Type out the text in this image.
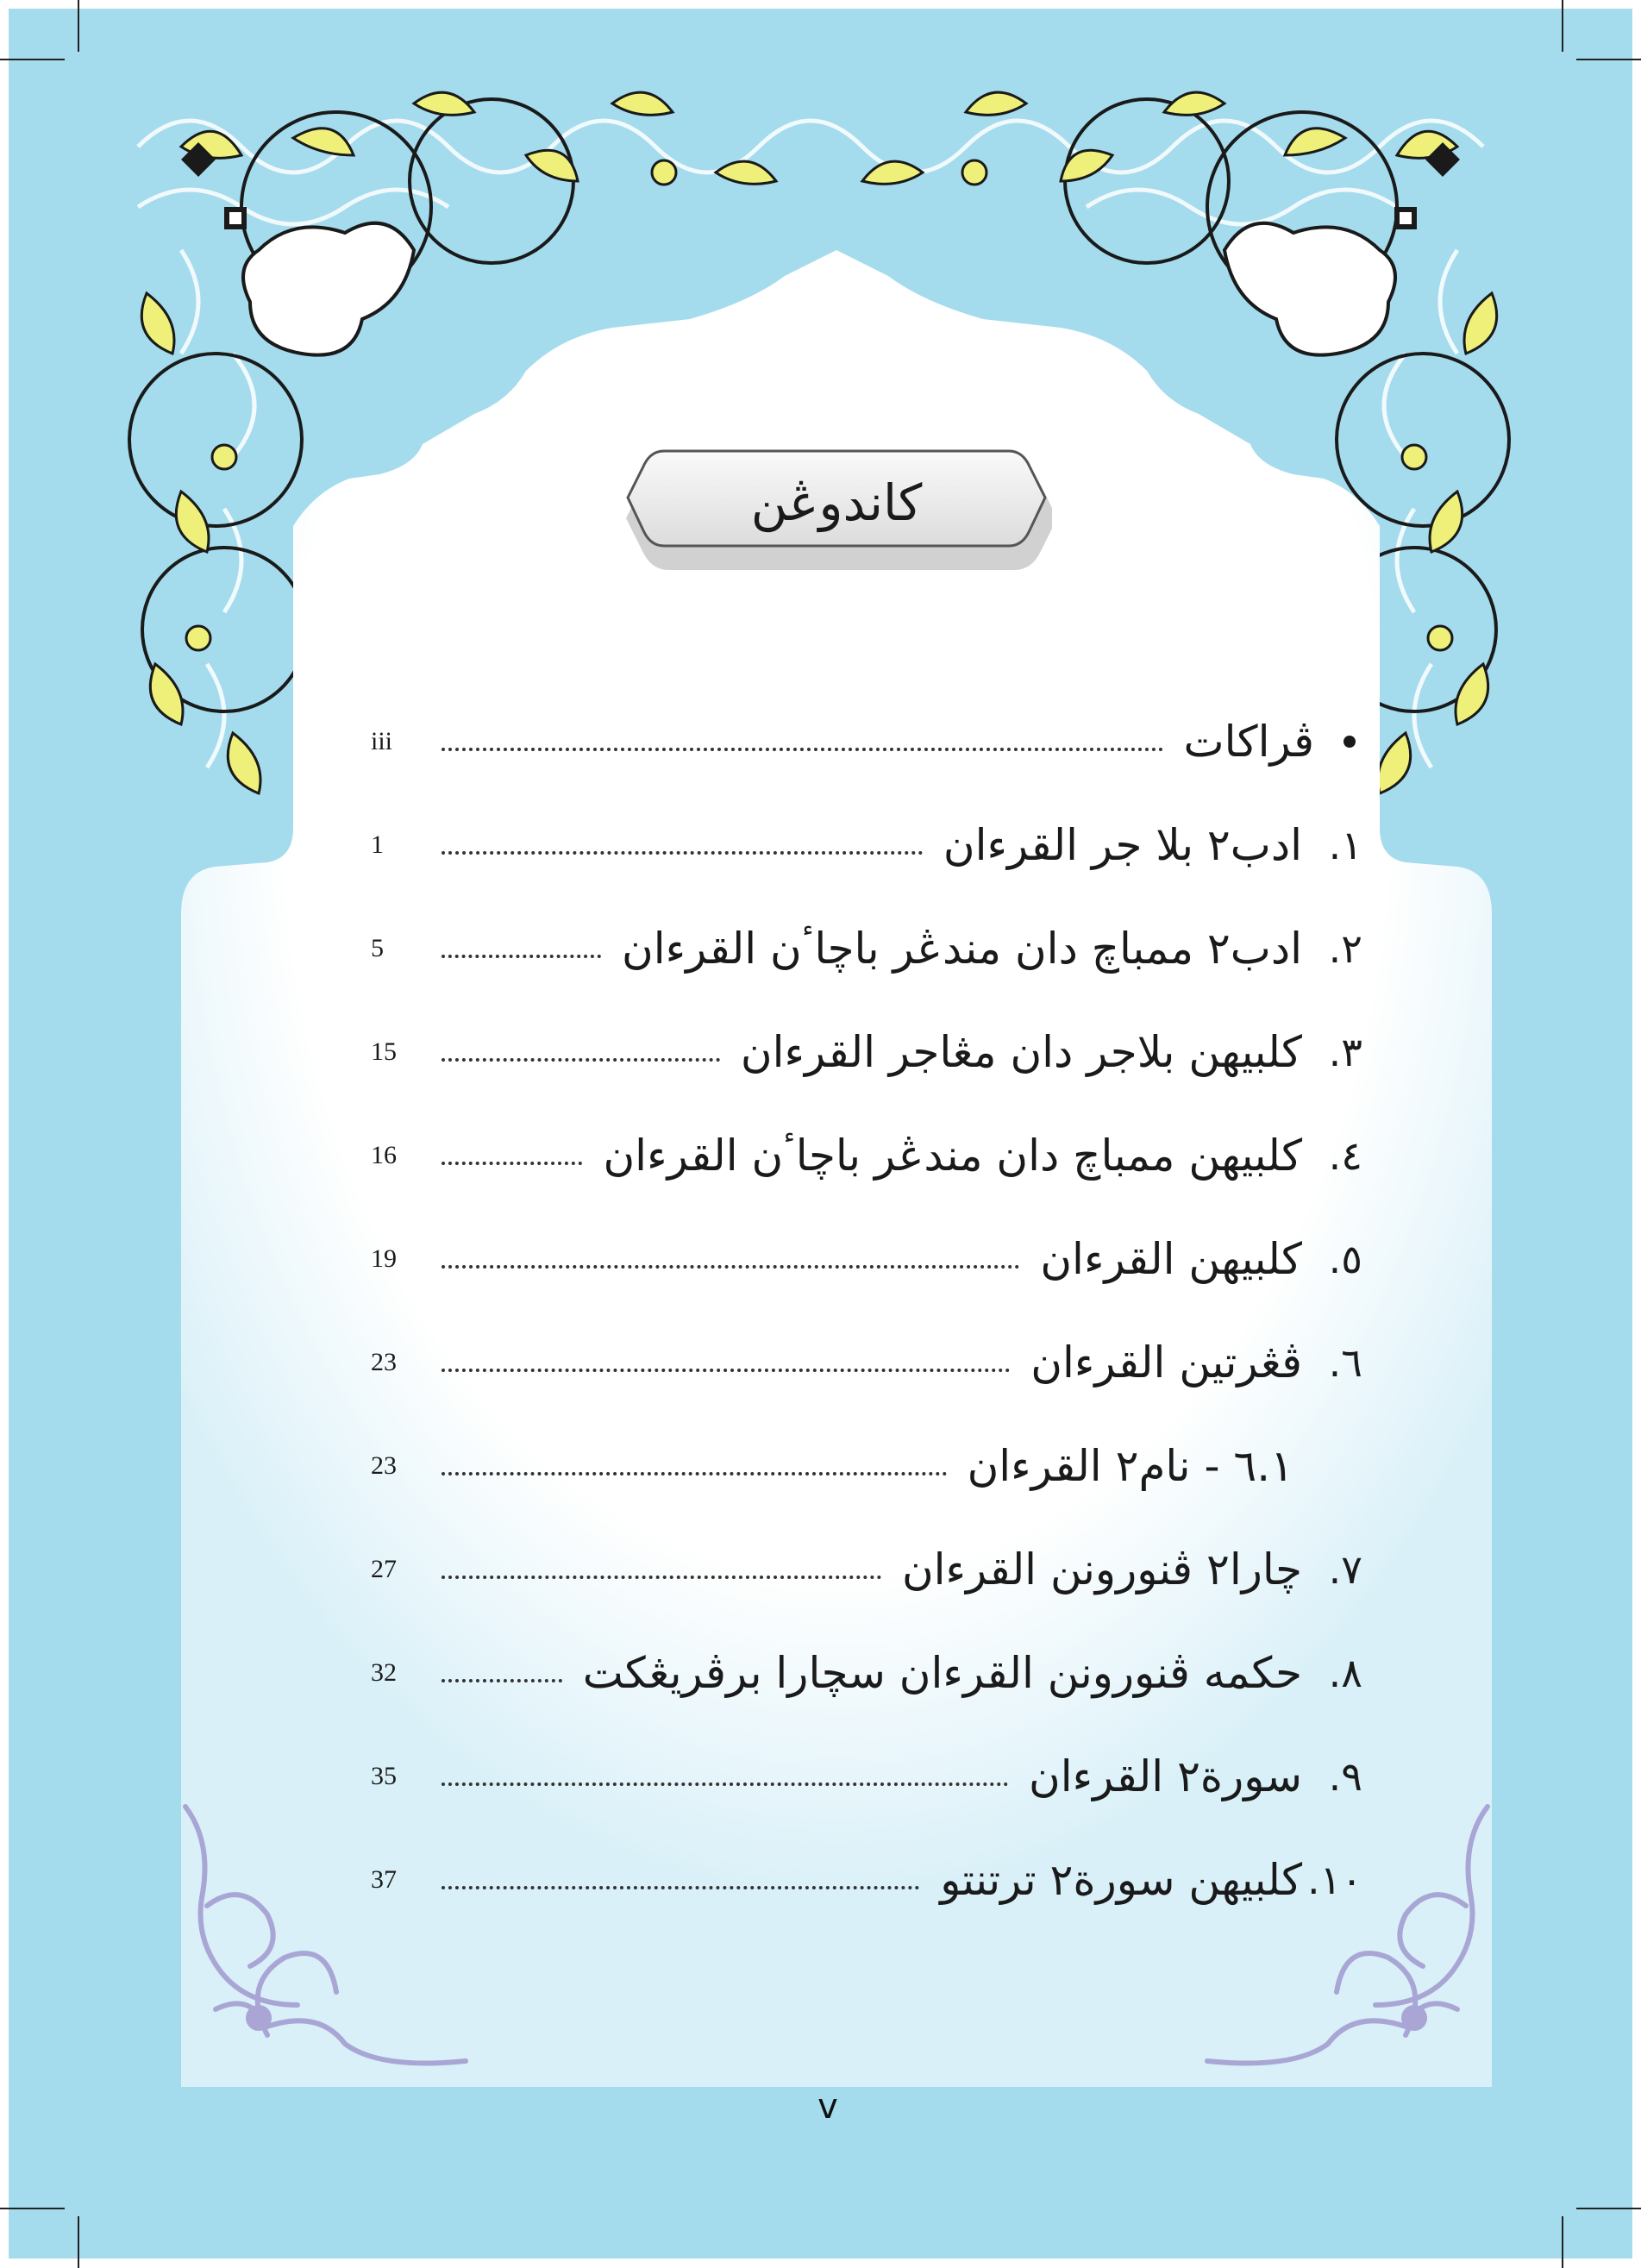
كاندوڠن
ڤراكات
iii
١.
ادب٢ بلا جر القرءان
1
٢.
ادب٢ ممباچ دان مندڠر باچاٴن القرءان
5
٣.
كلبيهن بلاجر دان مڠاجر القرءان
15
٤.
كلبيهن ممباچ دان مندڠر باچاٴن القرءان
16
٥.
كلبيهن القرءان
19
٦.
ڤڠرتين القرءان
23
٦.١ - نام٢ القرءان
23
٧.
چارا٢ ڤنورونن القرءان
27
٨.
حكمه ڤنورونن القرءان سچارا برڤريڠكت
32
٩.
سورة٢ القرءان
35
١٠.
كلبيهن سورة٢ ترتنتو
37
v
